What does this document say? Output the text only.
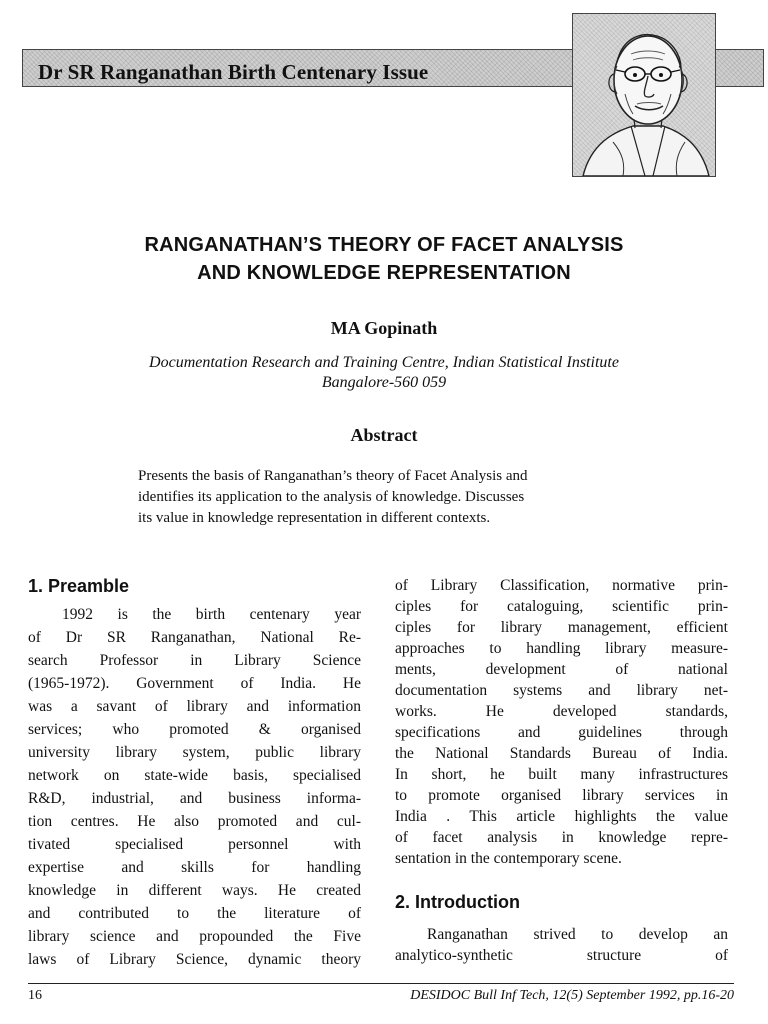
Dr SR Ranganathan Birth Centenary Issue
RANGANATHAN’S THEORY OF FACET ANALYSIS
AND KNOWLEDGE REPRESENTATION
MA Gopinath
Documentation Research and Training Centre, Indian Statistical Institute
Bangalore-560 059
Abstract
Presents the basis of Ranganathan’s theory of Facet Analysis and
identifies its application to the analysis of knowledge. Discusses
its value in knowledge representation in different contexts.
1. Preamble
1992 is the birth centenary year
of Dr SR Ranganathan, National Re-
search Professor in Library Science
(1965-1972). Government of India. He
was a savant of library and information
services; who promoted & organised
university library system, public library
network on state-wide basis, specialised
R&D, industrial, and business informa-
tion centres. He also promoted and cul-
tivated specialised personnel with
expertise and skills for handling
knowledge in different ways. He created
and contributed to the literature of
library science and propounded the Five
laws of Library Science, dynamic theory
of Library Classification, normative prin-
ciples for cataloguing, scientific prin-
ciples for library management, efficient
approaches to handling library measure-
ments, development of national
documentation systems and library net-
works. He developed standards,
specifications and guidelines through
the National Standards Bureau of India.
In short, he built many infrastructures
to promote organised library services in
India . This article highlights the value
of facet analysis in knowledge repre-
sentation in the contemporary scene.
2. Introduction
Ranganathan strived to develop an
analytico-synthetic structure of
16	DESIDOC Bull Inf Tech, 12(5) September 1992, pp.16-20
